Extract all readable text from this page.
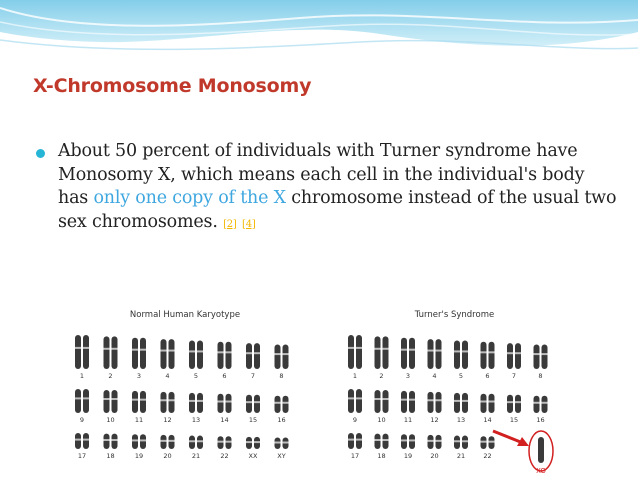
X-Chromosome Monosomy

About 50 percent of individuals with Turner syndrome have Monosomy X, which means each cell in the individual's body has only one copy of the X chromosome instead of the usual two sex chromosomes. [2] [4]

Normal Human Karyotype
1	2	3	4	5	6	7	8
9	10	11	12	13	14	15	16
17	18	19	20	21	22	XX	XY
Turner's Syndrome
1	2	3	4	5	6	7	8
9	10	11	12	13	14	15	16
17	18	19	20	21	22
XO
